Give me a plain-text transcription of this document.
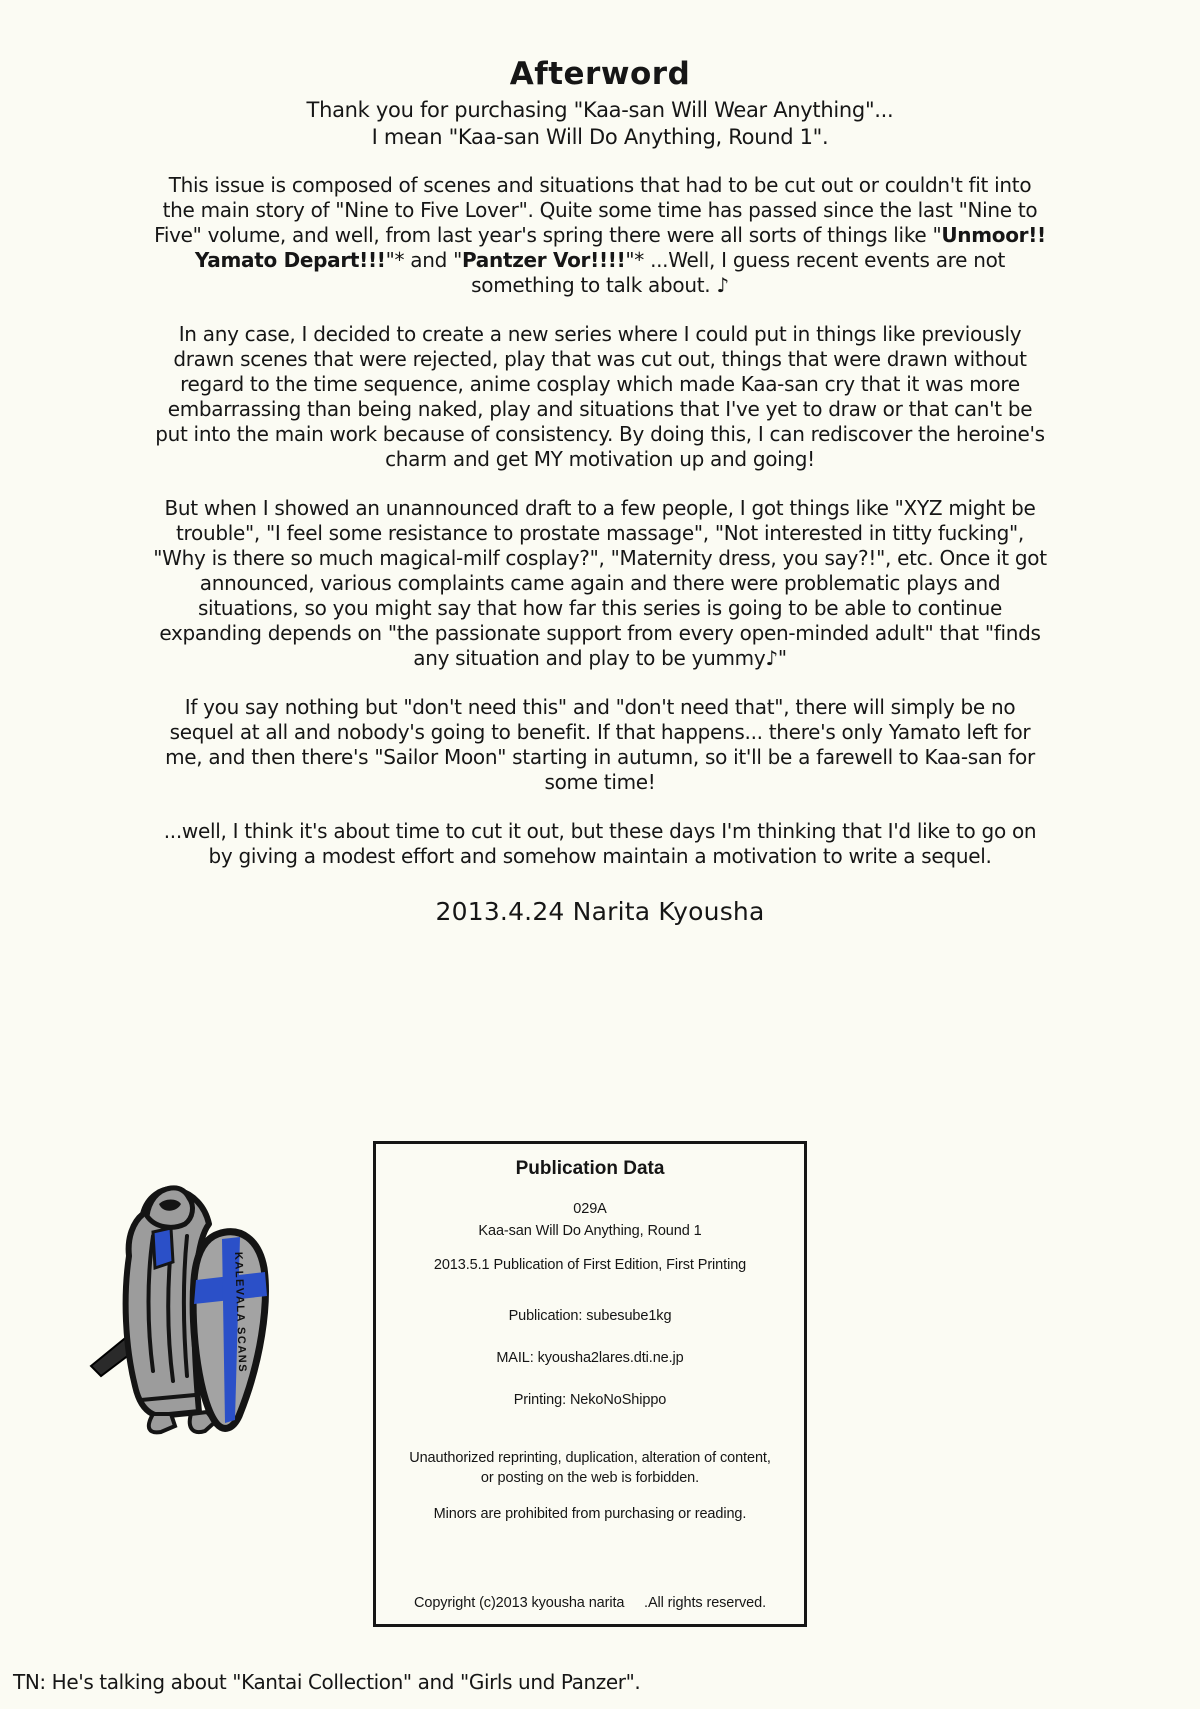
Afterword
Thank you for purchasing "Kaa-san Will Wear Anything"...
I mean "Kaa-san Will Do Anything, Round 1".

This issue is composed of scenes and situations that had to be cut out or couldn't fit into the main story of "Nine to Five Lover". Quite some time has passed since the last "Nine to Five" volume, and well, from last year's spring there were all sorts of things like "Unmoor!! Yamato Depart!!!"* and "Pantzer Vor!!!!"* ...Well, I guess recent events are not something to talk about. ♪

In any case, I decided to create a new series where I could put in things like previously drawn scenes that were rejected, play that was cut out, things that were drawn without regard to the time sequence, anime cosplay which made Kaa-san cry that it was more embarrassing than being naked, play and situations that I've yet to draw or that can't be put into the main work because of consistency. By doing this, I can rediscover the heroine's charm and get MY motivation up and going!

But when I showed an unannounced draft to a few people, I got things like "XYZ might be trouble", "I feel some resistance to prostate massage", "Not interested in titty fucking", "Why is there so much magical-milf cosplay?", "Maternity dress, you say?!", etc. Once it got announced, various complaints came again and there were problematic plays and situations, so you might say that how far this series is going to be able to continue expanding depends on "the passionate support from every open-minded adult" that "finds any situation and play to be yummy♪"

If you say nothing but "don't need this" and "don't need that", there will simply be no sequel at all and nobody's going to benefit. If that happens... there's only Yamato left for me, and then there's "Sailor Moon" starting in autumn, so it'll be a farewell to Kaa-san for some time!

...well, I think it's about time to cut it out, but these days I'm thinking that I'd like to go on by giving a modest effort and somehow maintain a motivation to write a sequel.

2013.4.24 Narita Kyousha
KALEVALA SCANS
Publication Data
029A
Kaa-san Will Do Anything, Round 1
2013.5.1 Publication of First Edition, First Printing
Publication: subesube1kg
MAIL: kyousha2lares.dti.ne.jp
Printing: NekoNoShippo
Unauthorized reprinting, duplication, alteration of content,
or posting on the web is forbidden.
Minors are prohibited from purchasing or reading.
Copyright (c)2013 kyousha narita     .All rights reserved.
TN: He's talking about "Kantai Collection" and "Girls und Panzer".
